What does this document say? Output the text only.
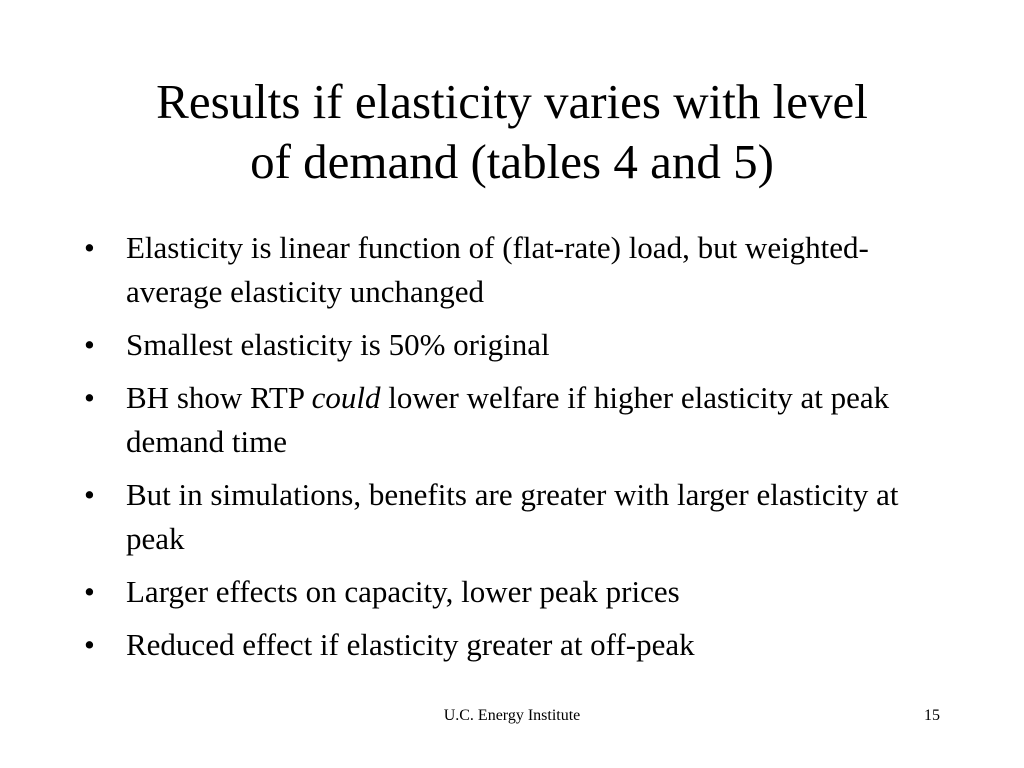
Results if elasticity varies with level
of demand (tables 4 and 5)
• Elasticity is linear function of (flat-rate) load, but weighted-average elasticity unchanged
• Smallest elasticity is 50% original
• BH show RTP could lower welfare if higher elasticity at peak demand time
• But in simulations, benefits are greater with larger elasticity at peak
• Larger effects on capacity, lower peak prices
• Reduced effect if elasticity greater at off-peak
U.C. Energy Institute	15
